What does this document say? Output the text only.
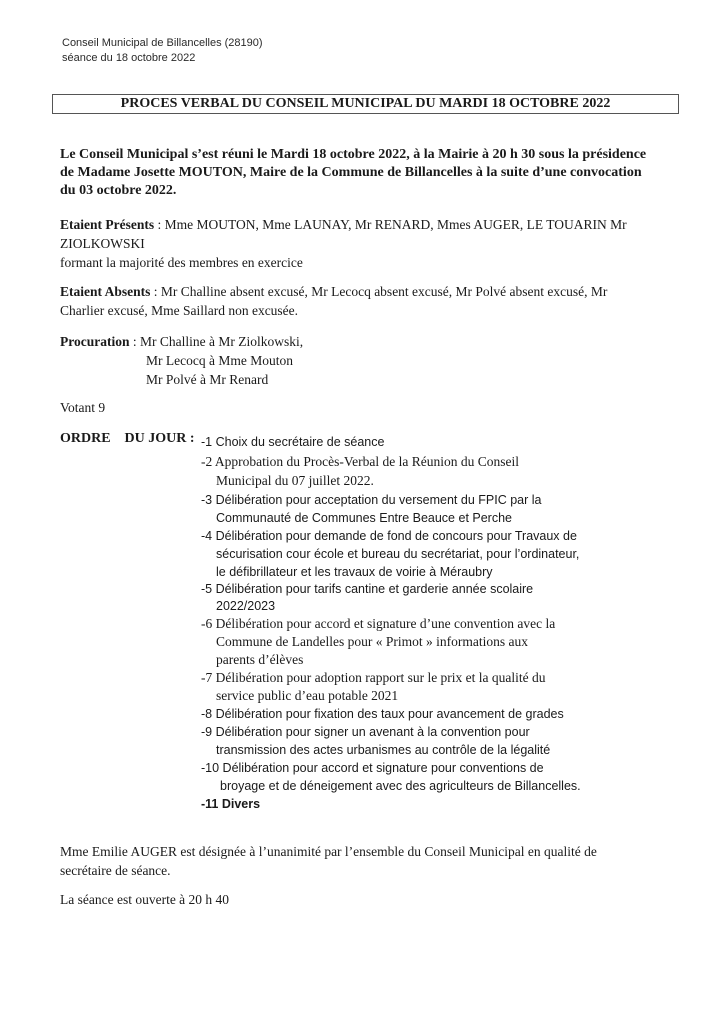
Conseil Municipal de Billancelles (28190)
séance du 18 octobre 2022
PROCES VERBAL DU CONSEIL MUNICIPAL DU MARDI 18 OCTOBRE 2022
Le Conseil Municipal s’est réuni le Mardi 18 octobre 2022, à la Mairie à 20 h 30 sous la présidence
de Madame Josette MOUTON, Maire de la Commune de Billancelles à la suite d’une convocation
du 03 octobre 2022.
Etaient Présents : Mme MOUTON, Mme LAUNAY, Mr RENARD, Mmes AUGER, LE TOUARIN Mr
ZIOLKOWSKI
formant la majorité des membres en exercice
Etaient Absents : Mr Challine absent excusé, Mr Lecocq absent excusé, Mr Polvé absent excusé, Mr
Charlier excusé, Mme Saillard non excusée.
Procuration : Mr Challine à Mr Ziolkowski,
Mr Lecocq à Mme Mouton
Mr Polvé à Mr Renard
Votant 9
ORDRE    DU JOUR : -1 Choix du secrétaire de séance
-2 Approbation du Procès-Verbal de la Réunion du Conseil
Municipal du 07 juillet 2022.
-3 Délibération pour acceptation du versement du FPIC par la
Communauté de Communes Entre Beauce et Perche
-4 Délibération pour demande de fond de concours pour Travaux de
sécurisation cour école et bureau du secrétariat, pour l’ordinateur,
le défibrillateur et les travaux de voirie à Méraubry
-5 Délibération pour tarifs cantine et garderie année scolaire
2022/2023
-6 Délibération pour accord et signature d’une convention avec la
Commune de Landelles pour « Primot » informations aux
parents d’élèves
-7 Délibération pour adoption rapport sur le prix et la qualité du
service public d’eau potable 2021
-8 Délibération pour fixation des taux pour avancement de grades
-9 Délibération pour signer un avenant à la convention pour
transmission des actes urbanismes au contrôle de la légalité
-10 Délibération pour accord et signature pour conventions de
broyage et de déneigement avec des agriculteurs de Billancelles.
-11 Divers
Mme Emilie AUGER est désignée à l’unanimité par l’ensemble du Conseil Municipal en qualité de
secrétaire de séance.
La séance est ouverte à 20 h 40
